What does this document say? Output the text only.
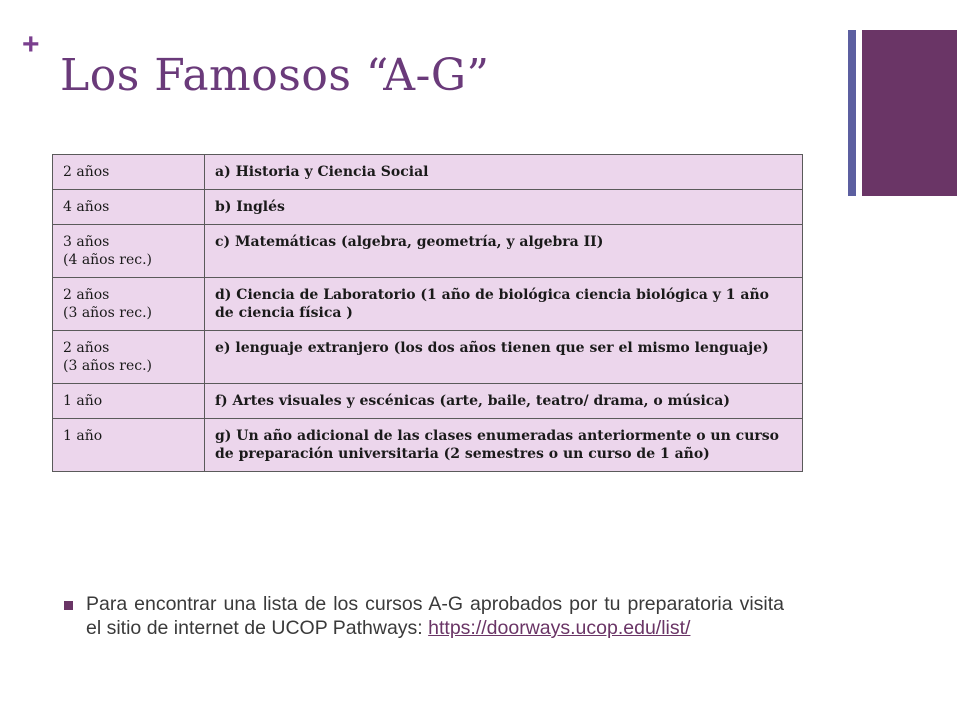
+
Los Famosos “A-G”
2 años	a) Historia y Ciencia Social

4 años	b) Inglés

3 años
(4 años rec.)	c) Matemáticas (algebra, geometría, y algebra II)

2 años
(3 años rec.)	d) Ciencia de Laboratorio (1 año de biológica ciencia biológica y 1 año de ciencia física )

2 años
(3 años rec.)	e) lenguaje extranjero (los dos años tienen que ser el mismo lenguaje)

1 año	f) Artes visuales y escénicas (arte, baile, teatro/ drama, o música)

1 año	g) Un año adicional de las clases enumeradas anteriormente o un curso de preparación universitaria (2 semestres o un curso de 1 año)
Para encontrar una lista de los cursos A-G aprobados por tu preparatoria visita el sitio de internet de UCOP Pathways: https://doorways.ucop.edu/list/
